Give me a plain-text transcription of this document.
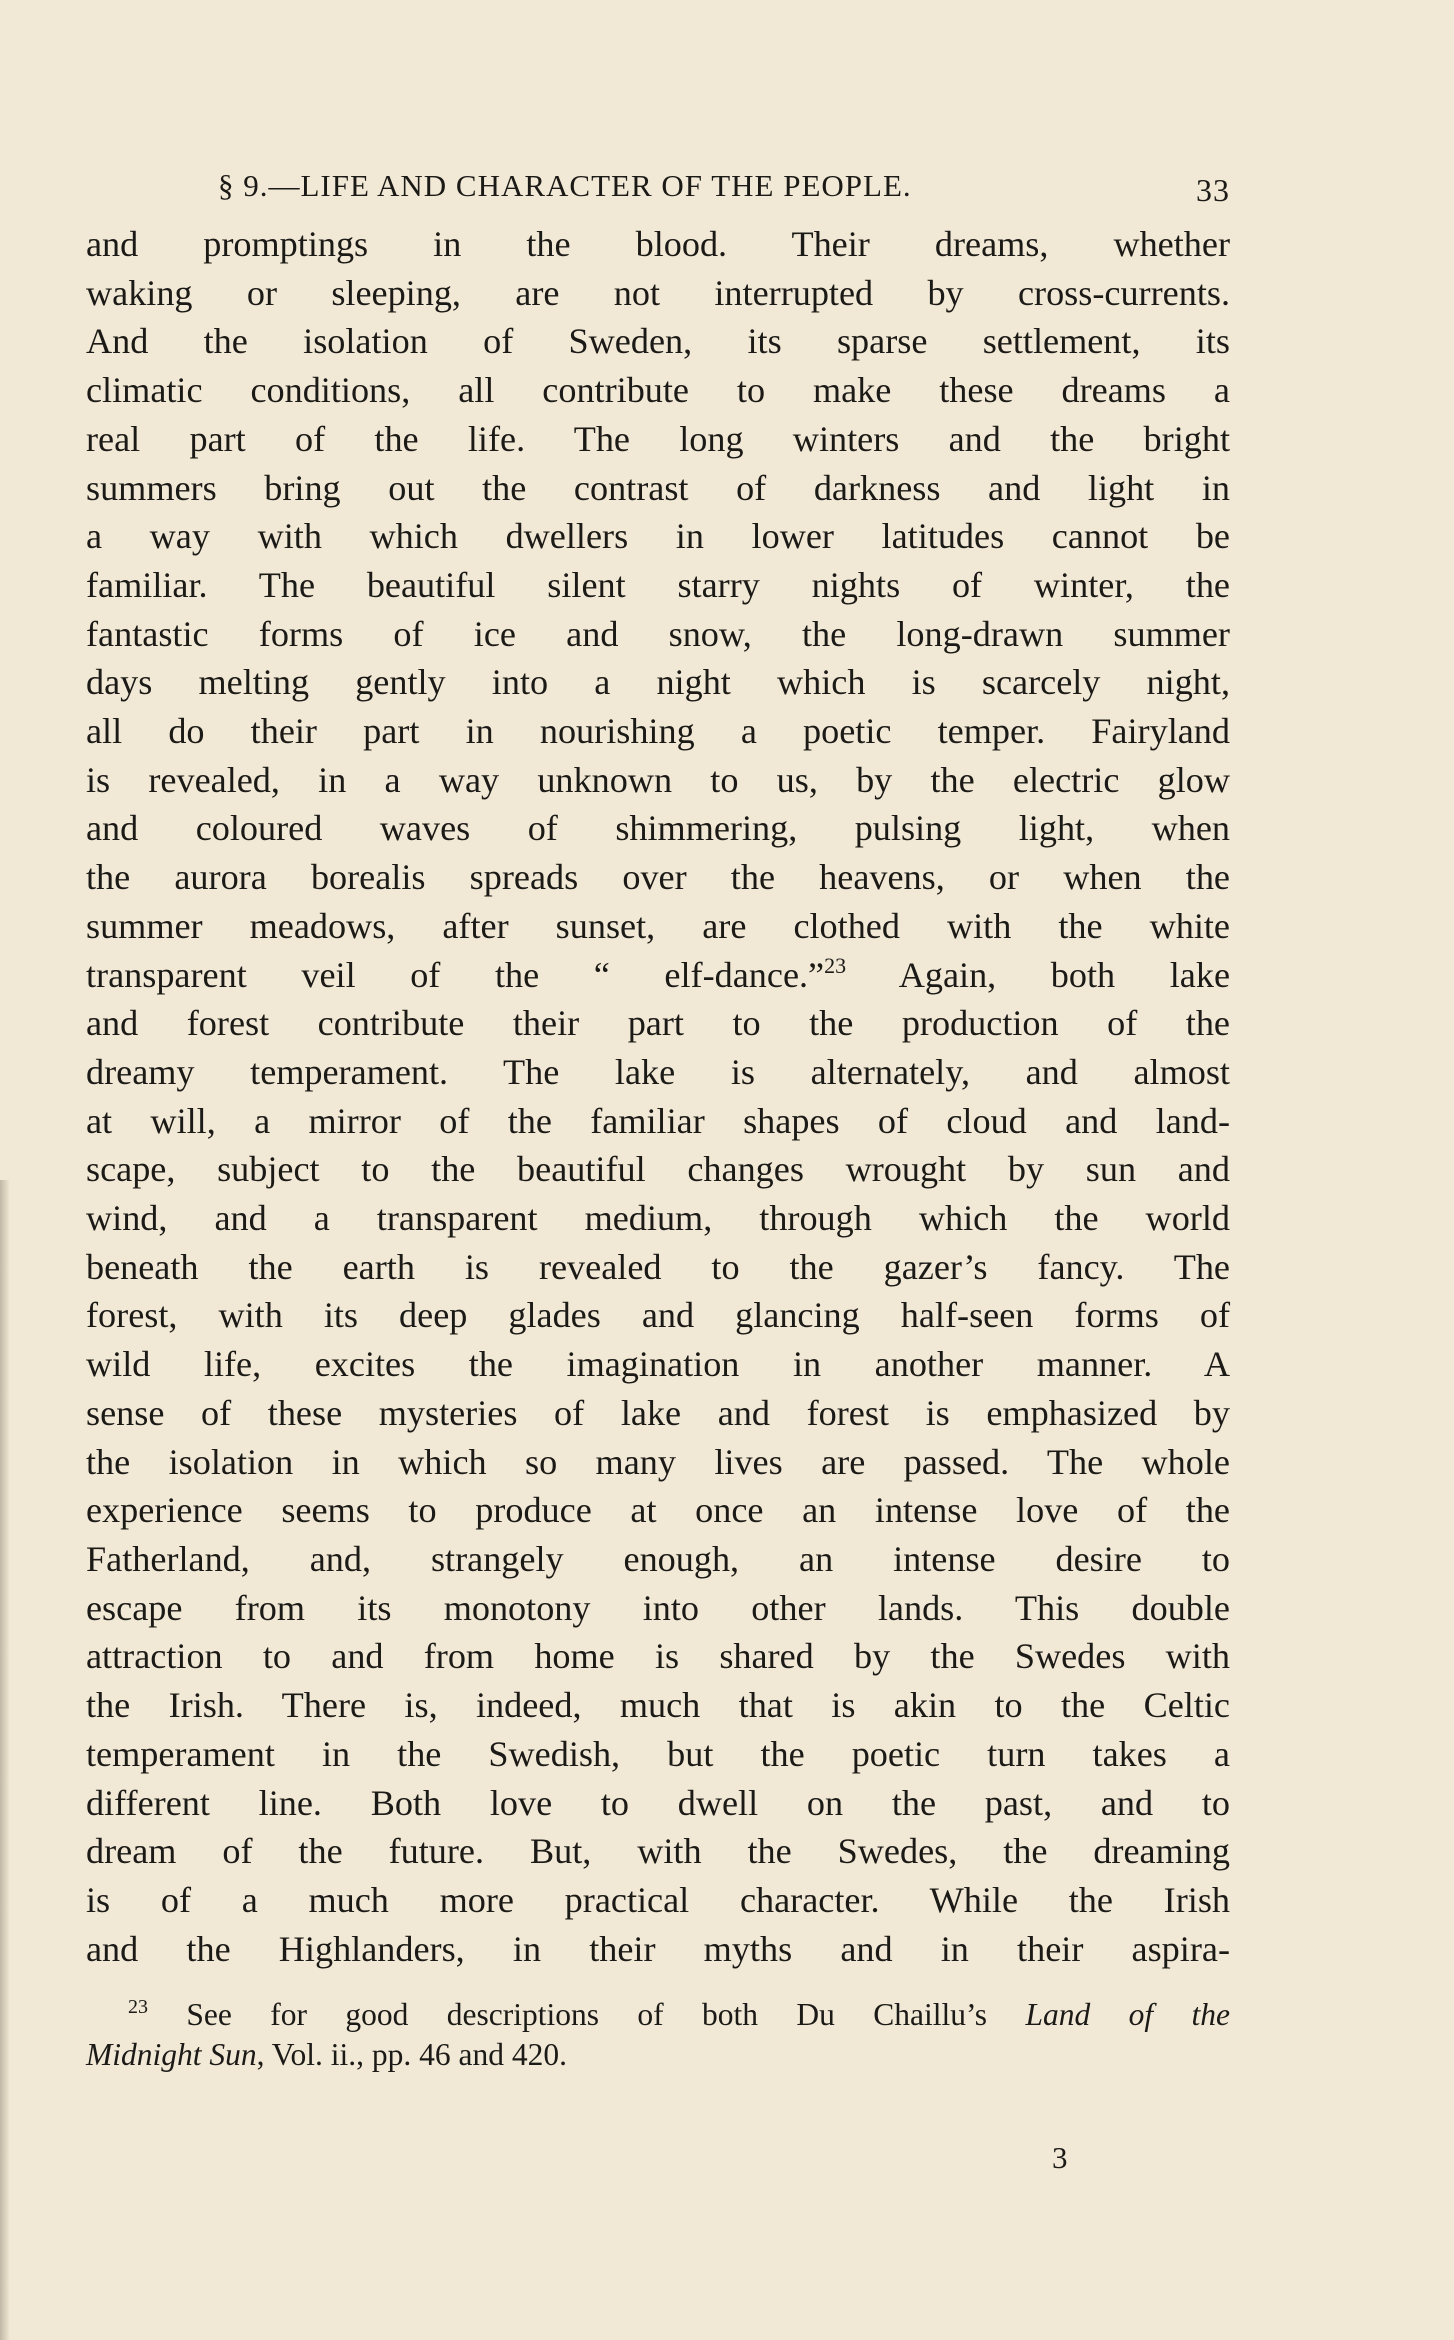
§ 9.—LIFE AND CHARACTER OF THE PEOPLE.	33
and promptings in the blood. Their dreams, whether
waking or sleeping, are not interrupted by cross-currents.
And the isolation of Sweden, its sparse settlement, its
climatic conditions, all contribute to make these dreams a
real part of the life. The long winters and the bright
summers bring out the contrast of darkness and light in
a way with which dwellers in lower latitudes cannot be
familiar. The beautiful silent starry nights of winter, the
fantastic forms of ice and snow, the long-drawn summer
days melting gently into a night which is scarcely night,
all do their part in nourishing a poetic temper. Fairyland
is revealed, in a way unknown to us, by the electric glow
and coloured waves of shimmering, pulsing light, when
the aurora borealis spreads over the heavens, or when the
summer meadows, after sunset, are clothed with the white
transparent veil of the “ elf-dance.”$^{23}$ Again, both lake
and forest contribute their part to the production of the
dreamy temperament. The lake is alternately, and almost
at will, a mirror of the familiar shapes of cloud and land-
scape, subject to the beautiful changes wrought by sun and
wind, and a transparent medium, through which the world
beneath the earth is revealed to the gazer’s fancy. The
forest, with its deep glades and glancing half-seen forms of
wild life, excites the imagination in another manner. A
sense of these mysteries of lake and forest is emphasized by
the isolation in which so many lives are passed. The whole
experience seems to produce at once an intense love of the
Fatherland, and, strangely enough, an intense desire to
escape from its monotony into other lands. This double
attraction to and from home is shared by the Swedes with
the Irish. There is, indeed, much that is akin to the Celtic
temperament in the Swedish, but the poetic turn takes a
different line. Both love to dwell on the past, and to
dream of the future. But, with the Swedes, the dreaming
is of a much more practical character. While the Irish
and the Highlanders, in their myths and in their aspira-
$^{23}$ See for good descriptions of both Du Chaillu’s Land of the
Midnight Sun, Vol. ii., pp. 46 and 420.
3
